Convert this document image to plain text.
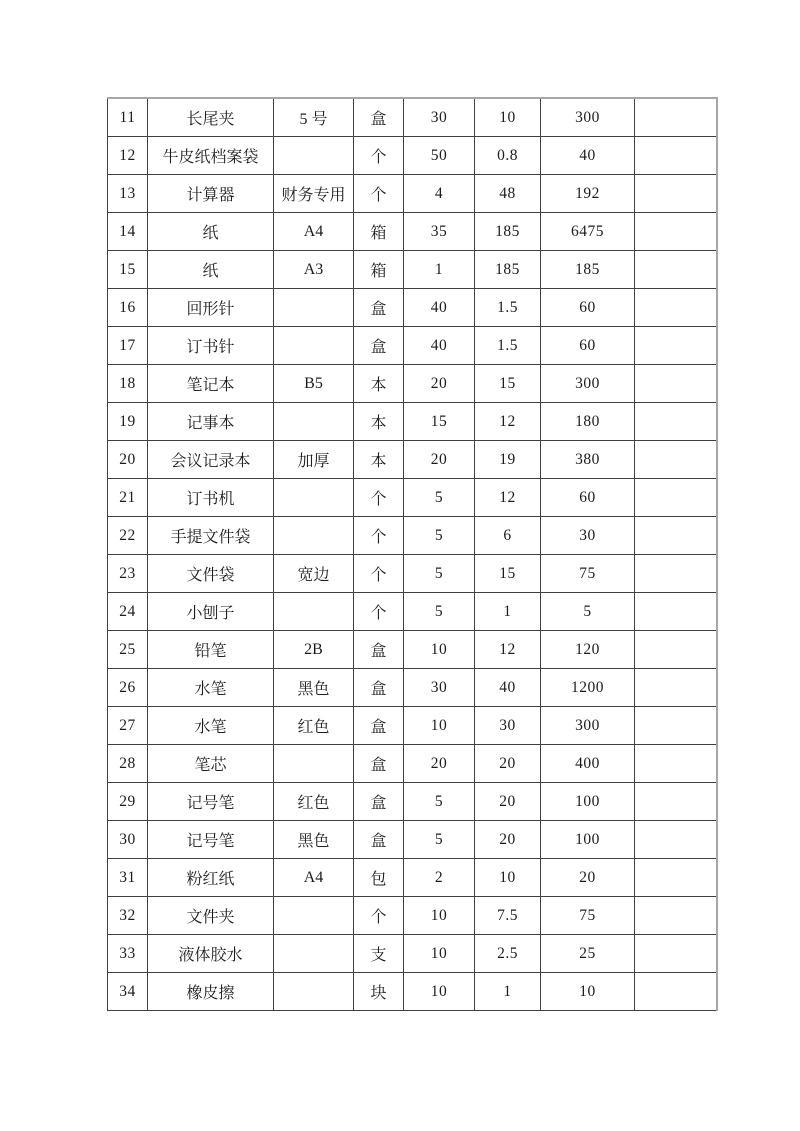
11	长尾夹	5 号	盒	30	10	300	
12	牛皮纸档案袋		个	50	0.8	40	
13	计算器	财务专用	个	4	48	192	
14	纸	A4	箱	35	185	6475	
15	纸	A3	箱	1	185	185	
16	回形针		盒	40	1.5	60	
17	订书针		盒	40	1.5	60	
18	笔记本	B5	本	20	15	300	
19	记事本		本	15	12	180	
20	会议记录本	加厚	本	20	19	380	
21	订书机		个	5	12	60	
22	手提文件袋		个	5	6	30	
23	文件袋	宽边	个	5	15	75	
24	小刨子		个	5	1	5	
25	铅笔	2B	盒	10	12	120	
26	水笔	黑色	盒	30	40	1200	
27	水笔	红色	盒	10	30	300	
28	笔芯		盒	20	20	400	
29	记号笔	红色	盒	5	20	100	
30	记号笔	黑色	盒	5	20	100	
31	粉红纸	A4	包	2	10	20	
32	文件夹		个	10	7.5	75	
33	液体胶水		支	10	2.5	25	
34	橡皮擦		块	10	1	10	
